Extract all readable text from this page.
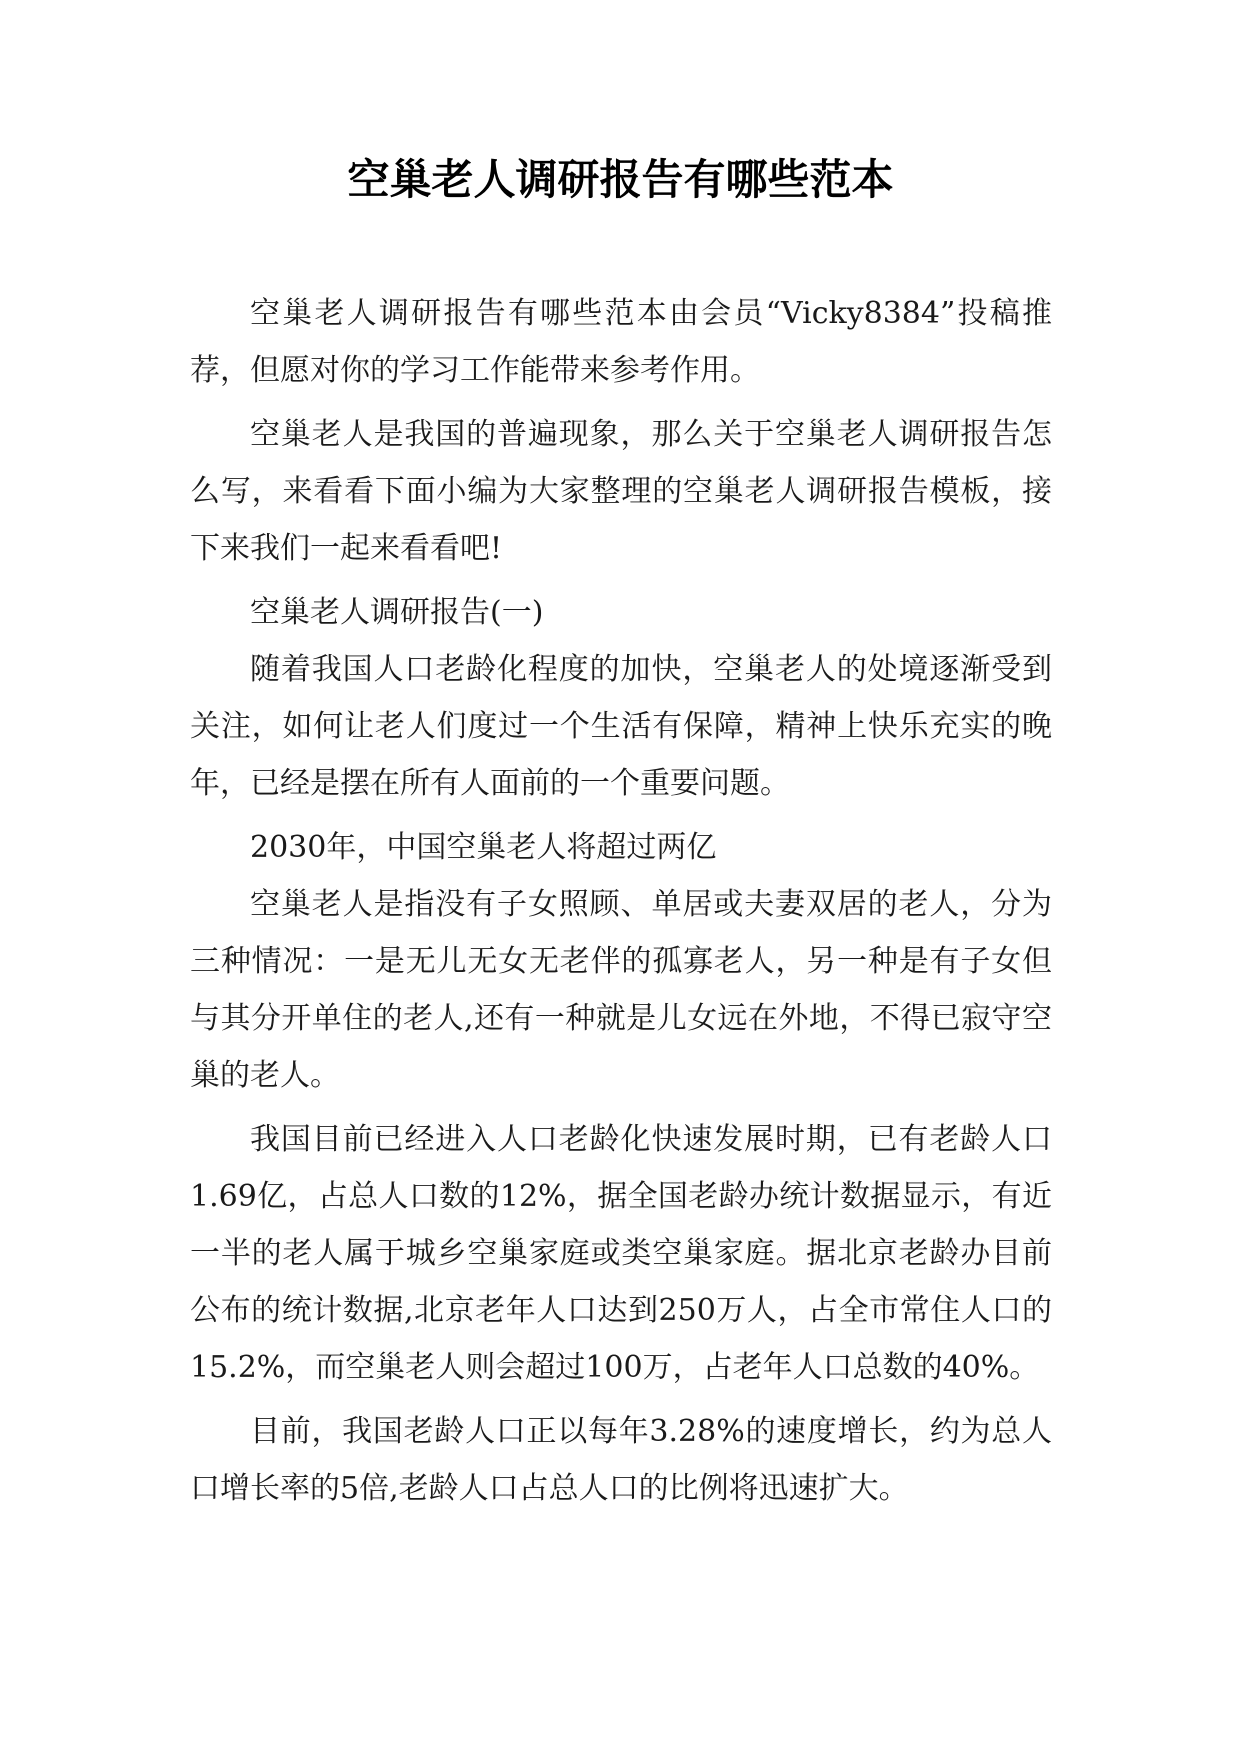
空巢老人调研报告有哪些范本

空巢老人调研报告有哪些范本由会员“Vicky8384”投稿推荐，但愿对你的学习工作能带来参考作用。

空巢老人是我国的普遍现象，那么关于空巢老人调研报告怎么写，来看看下面小编为大家整理的空巢老人调研报告模板，接下来我们一起来看看吧!

空巢老人调研报告(一)

随着我国人口老龄化程度的加快，空巢老人的处境逐渐受到关注，如何让老人们度过一个生活有保障，精神上快乐充实的晚年，已经是摆在所有人面前的一个重要问题。

2030年，中国空巢老人将超过两亿

空巢老人是指没有子女照顾、单居或夫妻双居的老人，分为三种情况：一是无儿无女无老伴的孤寡老人，另一种是有子女但与其分开单住的老人,还有一种就是儿女远在外地，不得已寂守空巢的老人。

我国目前已经进入人口老龄化快速发展时期，已有老龄人口1.69亿，占总人口数的12%，据全国老龄办统计数据显示，有近一半的老人属于城乡空巢家庭或类空巢家庭。据北京老龄办目前公布的统计数据,北京老年人口达到250万人，占全市常住人口的15.2%，而空巢老人则会超过100万，占老年人口总数的40%。

目前，我国老龄人口正以每年3.28%的速度增长，约为总人口增长率的5倍,老龄人口占总人口的比例将迅速扩大。
